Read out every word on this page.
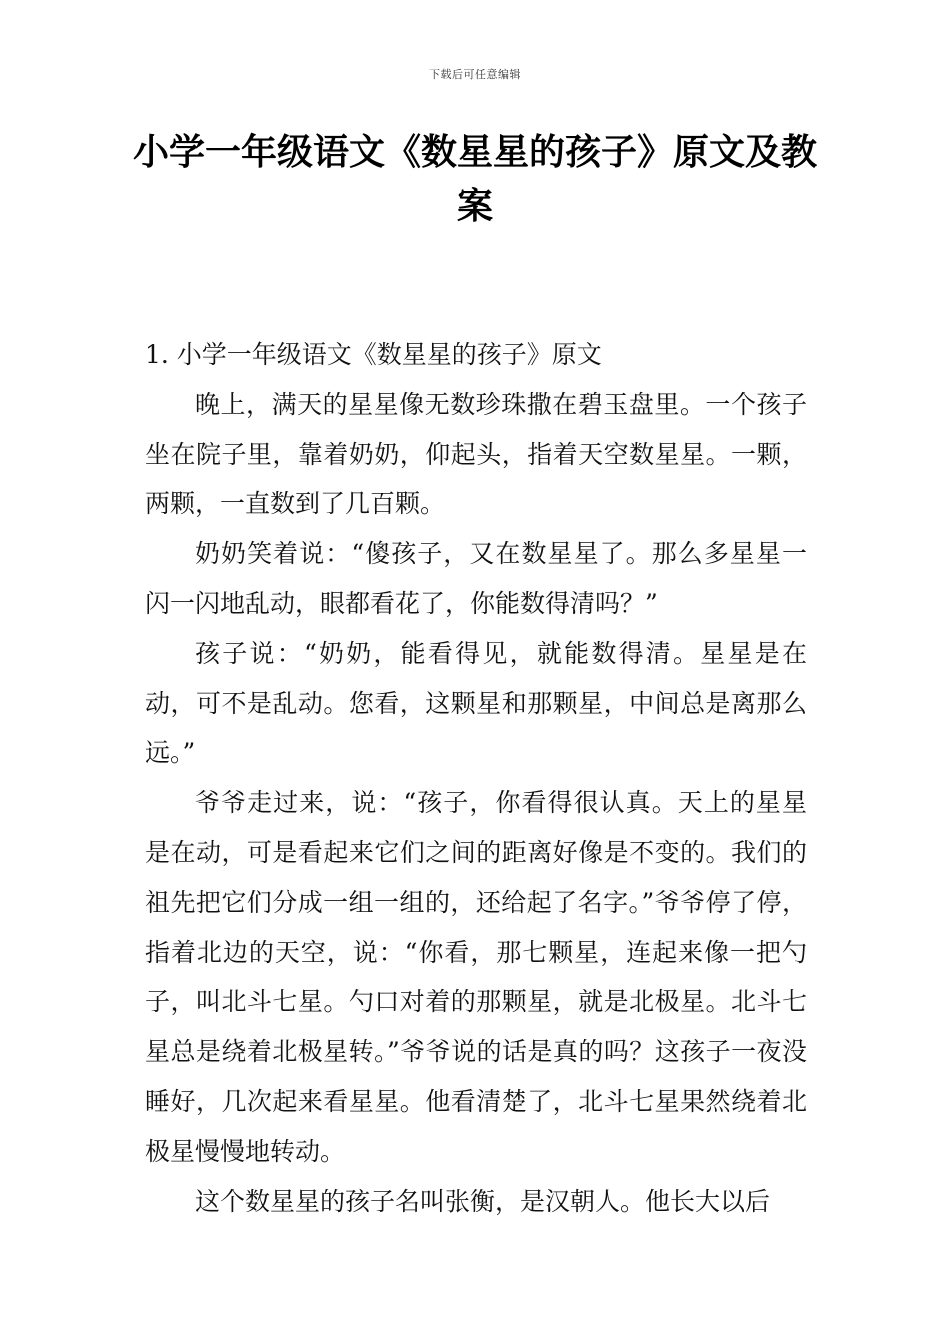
下载后可任意编辑
小学一年级语文《数星星的孩子》原文及教案

1. 小学一年级语文《数星星的孩子》原文

晚上，满天的星星像无数珍珠撒在碧玉盘里。一个孩子坐在院子里，靠着奶奶，仰起头，指着天空数星星。一颗，两颗，一直数到了几百颗。

奶奶笑着说：“傻孩子，又在数星星了。那么多星星一闪一闪地乱动，眼都看花了，你能数得清吗？”

孩子说：“奶奶，能看得见，就能数得清。星星是在动，可不是乱动。您看，这颗星和那颗星，中间总是离那么远。”

爷爷走过来，说：“孩子，你看得很认真。天上的星星是在动，可是看起来它们之间的距离好像是不变的。我们的祖先把它们分成一组一组的，还给起了名字。”爷爷停了停，指着北边的天空，说：“你看，那七颗星，连起来像一把勺子，叫北斗七星。勺口对着的那颗星，就是北极星。北斗七星总是绕着北极星转。”爷爷说的话是真的吗？这孩子一夜没睡好，几次起来看星星。他看清楚了，北斗七星果然绕着北极星慢慢地转动。

这个数星星的孩子名叫张衡，是汉朝人。他长大以后
